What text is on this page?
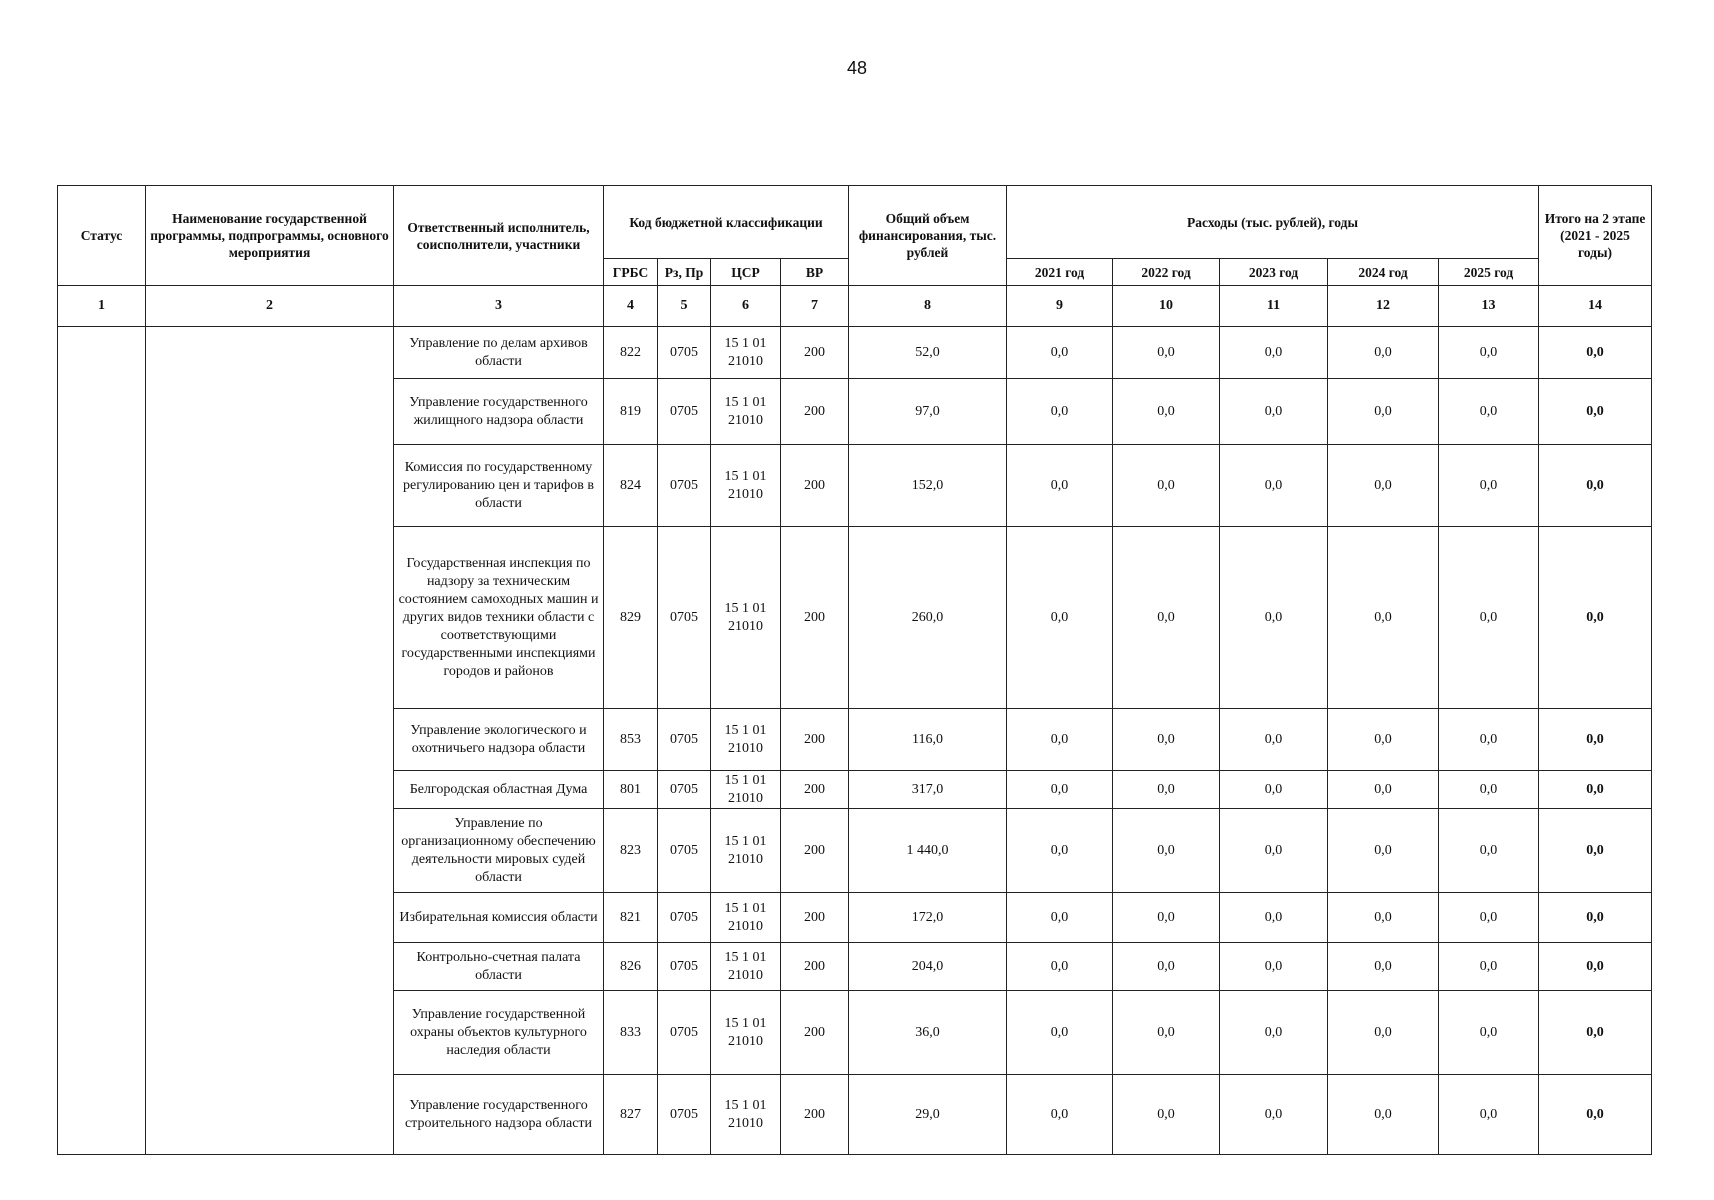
48
Статус	Наименование государственной программы, подпрограммы, основного мероприятия	Ответственный исполнитель, соисполнители, участники	Код бюджетной классификации				Общий объем финансирования, тыс. рублей	Расходы (тыс. рублей), годы					Итого на 2 этапе (2021 - 2025 годы)
			ГРБС	Рз, Пр	ЦСР	ВР		2021 год	2022 год	2023 год	2024 год	2025 год	
1	2	3	4	5	6	7	8	9	10	11	12	13	14
		Управление по делам архивов области	822	0705	15 1 01 21010	200	52,0	0,0	0,0	0,0	0,0	0,0	0,0
		Управление государственного жилищного надзора области	819	0705	15 1 01 21010	200	97,0	0,0	0,0	0,0	0,0	0,0	0,0
		Комиссия по государственному регулированию цен и тарифов в области	824	0705	15 1 01 21010	200	152,0	0,0	0,0	0,0	0,0	0,0	0,0
		Государственная инспекция по надзору за техническим состоянием самоходных машин и других видов техники области с соответствующими государственными инспекциями городов и районов	829	0705	15 1 01 21010	200	260,0	0,0	0,0	0,0	0,0	0,0	0,0
		Управление экологического и охотничьего надзора области	853	0705	15 1 01 21010	200	116,0	0,0	0,0	0,0	0,0	0,0	0,0
		Белгородская областная Дума	801	0705	15 1 01 21010	200	317,0	0,0	0,0	0,0	0,0	0,0	0,0
		Управление по организационному обеспечению деятельности мировых судей области	823	0705	15 1 01 21010	200	1 440,0	0,0	0,0	0,0	0,0	0,0	0,0
		Избирательная комиссия области	821	0705	15 1 01 21010	200	172,0	0,0	0,0	0,0	0,0	0,0	0,0
		Контрольно-счетная палата области	826	0705	15 1 01 21010	200	204,0	0,0	0,0	0,0	0,0	0,0	0,0
		Управление государственной охраны объектов культурного наследия области	833	0705	15 1 01 21010	200	36,0	0,0	0,0	0,0	0,0	0,0	0,0
		Управление государственного строительного надзора области	827	0705	15 1 01 21010	200	29,0	0,0	0,0	0,0	0,0	0,0	0,0
